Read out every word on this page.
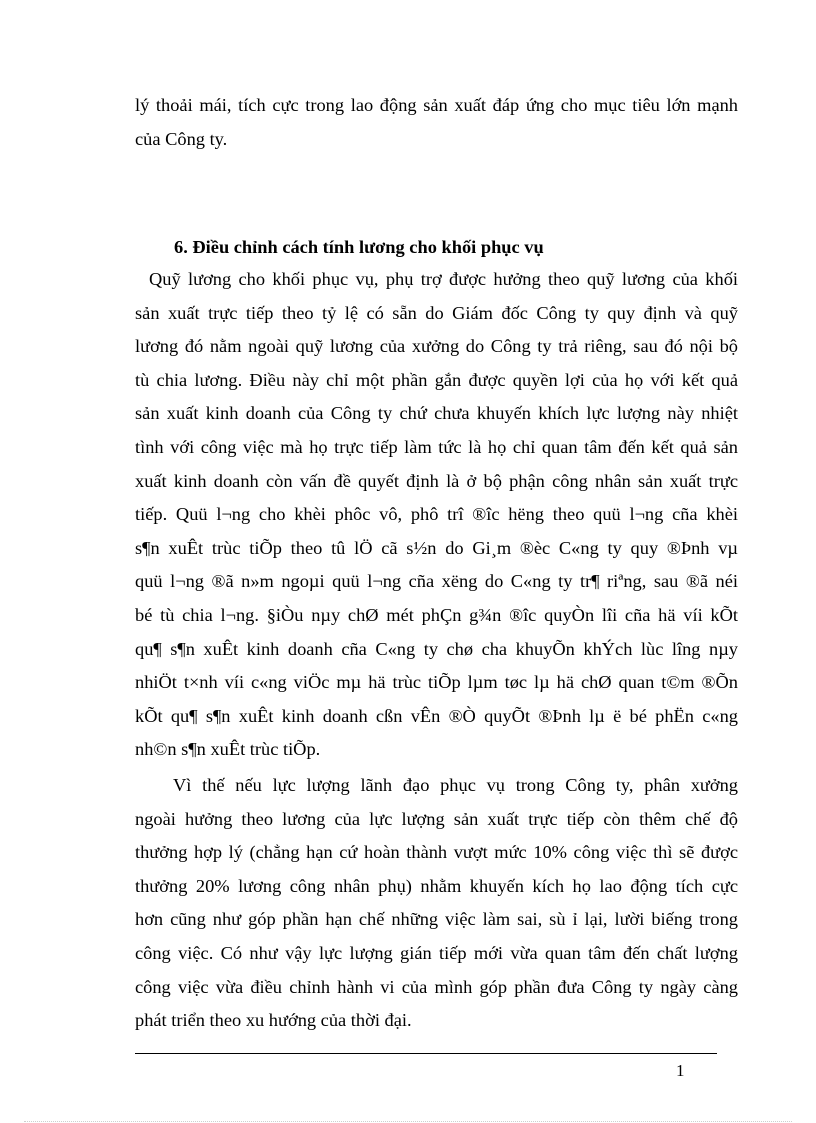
lý thoải mái, tích cực trong lao động sản xuất đáp ứng cho mục tiêu lớn mạnh
của Công ty.
6. Điều chỉnh cách tính lương cho khối phục vụ
Quỹ lương cho khối phục vụ, phụ trợ được hưởng theo quỹ lương của khối
sản xuất trực tiếp theo tỷ lệ có sẵn do Giám đốc Công ty quy định và quỹ
lương đó nằm ngoài quỹ lương của xưởng do Công ty trả riêng, sau đó nội bộ
tù chia lương. Điều này chỉ một phần gắn được quyền lợi của họ với kết quả
sản xuất kinh doanh của Công ty chứ chưa khuyến khích lực lượng này nhiệt
tình với công việc mà họ trực tiếp làm tức là họ chỉ quan tâm đến kết quả sản
xuất kinh doanh còn vấn đề quyết định là ở bộ phận công nhân sản xuất trực
tiếp. Quü l¬ng cho khèi phôc vô, phô trî ®îc hëng theo quü l¬ng cña khèi
s¶n xuÊt trùc tiÕp theo tû lÖ cã s½n do Gi¸m ®èc C«ng ty quy ®Þnh vµ
quü l¬ng ®ã n»m ngoµi quü l¬ng cña xëng do C«ng ty tr¶ riªng, sau ®ã néi
bé tù chia l¬ng. §iÒu nµy chØ mét phÇn g¾n ®îc quyÒn lîi cña hä víi kÕt
qu¶ s¶n xuÊt kinh doanh cña C«ng ty chø cha khuyÕn khÝch lùc lîng nµy
nhiÖt t×nh víi c«ng viÖc mµ hä trùc tiÕp lµm tøc lµ hä chØ quan t©m ®Õn
kÕt qu¶ s¶n xuÊt kinh doanh cßn vÊn ®Ò quyÕt ®Þnh lµ ë bé phËn c«ng
nh©n s¶n xuÊt trùc tiÕp.
Vì thế nếu lực lượng lãnh đạo phục vụ trong Công ty, phân xưởng
ngoài hưởng theo lương của lực lượng sản xuất trực tiếp còn thêm chế độ
thưởng hợp lý (chẳng hạn cứ hoàn thành vượt mức 10% công việc thì sẽ được
thưởng 20% lương công nhân phụ) nhằm khuyến kích họ lao động tích cực
hơn cũng như góp phần hạn chế những việc làm sai, sù ỉ lại, lười biếng trong
công việc. Có như vậy lực lượng gián tiếp mới vừa quan tâm đến chất lượng
công việc vừa điều chỉnh hành vi của mình góp phần đưa Công ty ngày càng
phát triển theo xu hướng của thời đại.
1
